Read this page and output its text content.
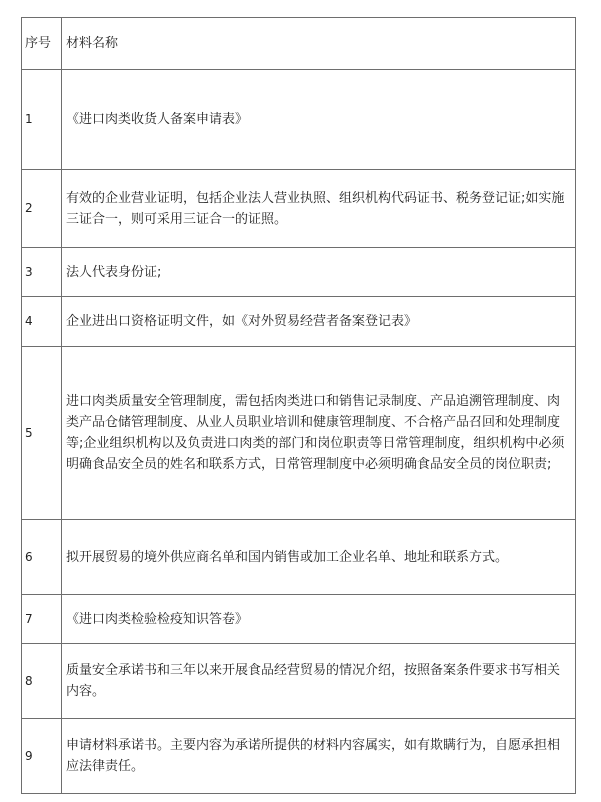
序号	材料名称
1	《进口肉类收货人备案申请表》
2	有效的企业营业证明，包括企业法人营业执照、组织机构代码证书、税务登记证;如实施三证合一，则可采用三证合一的证照。
3	法人代表身份证;
4	企业进出口资格证明文件，如《对外贸易经营者备案登记表》
5	进口肉类质量安全管理制度，需包括肉类进口和销售记录制度、产品追溯管理制度、肉类产品仓储管理制度、从业人员职业培训和健康管理制度、不合格产品召回和处理制度等;企业组织机构以及负责进口肉类的部门和岗位职责等日常管理制度，组织机构中必须明确食品安全员的姓名和联系方式，日常管理制度中必须明确食品安全员的岗位职责;
6	拟开展贸易的境外供应商名单和国内销售或加工企业名单、地址和联系方式。
7	《进口肉类检验检疫知识答卷》
8	质量安全承诺书和三年以来开展食品经营贸易的情况介绍，按照备案条件要求书写相关内容。
9	申请材料承诺书。主要内容为承诺所提供的材料内容属实，如有欺瞒行为，自愿承担相应法律责任。
